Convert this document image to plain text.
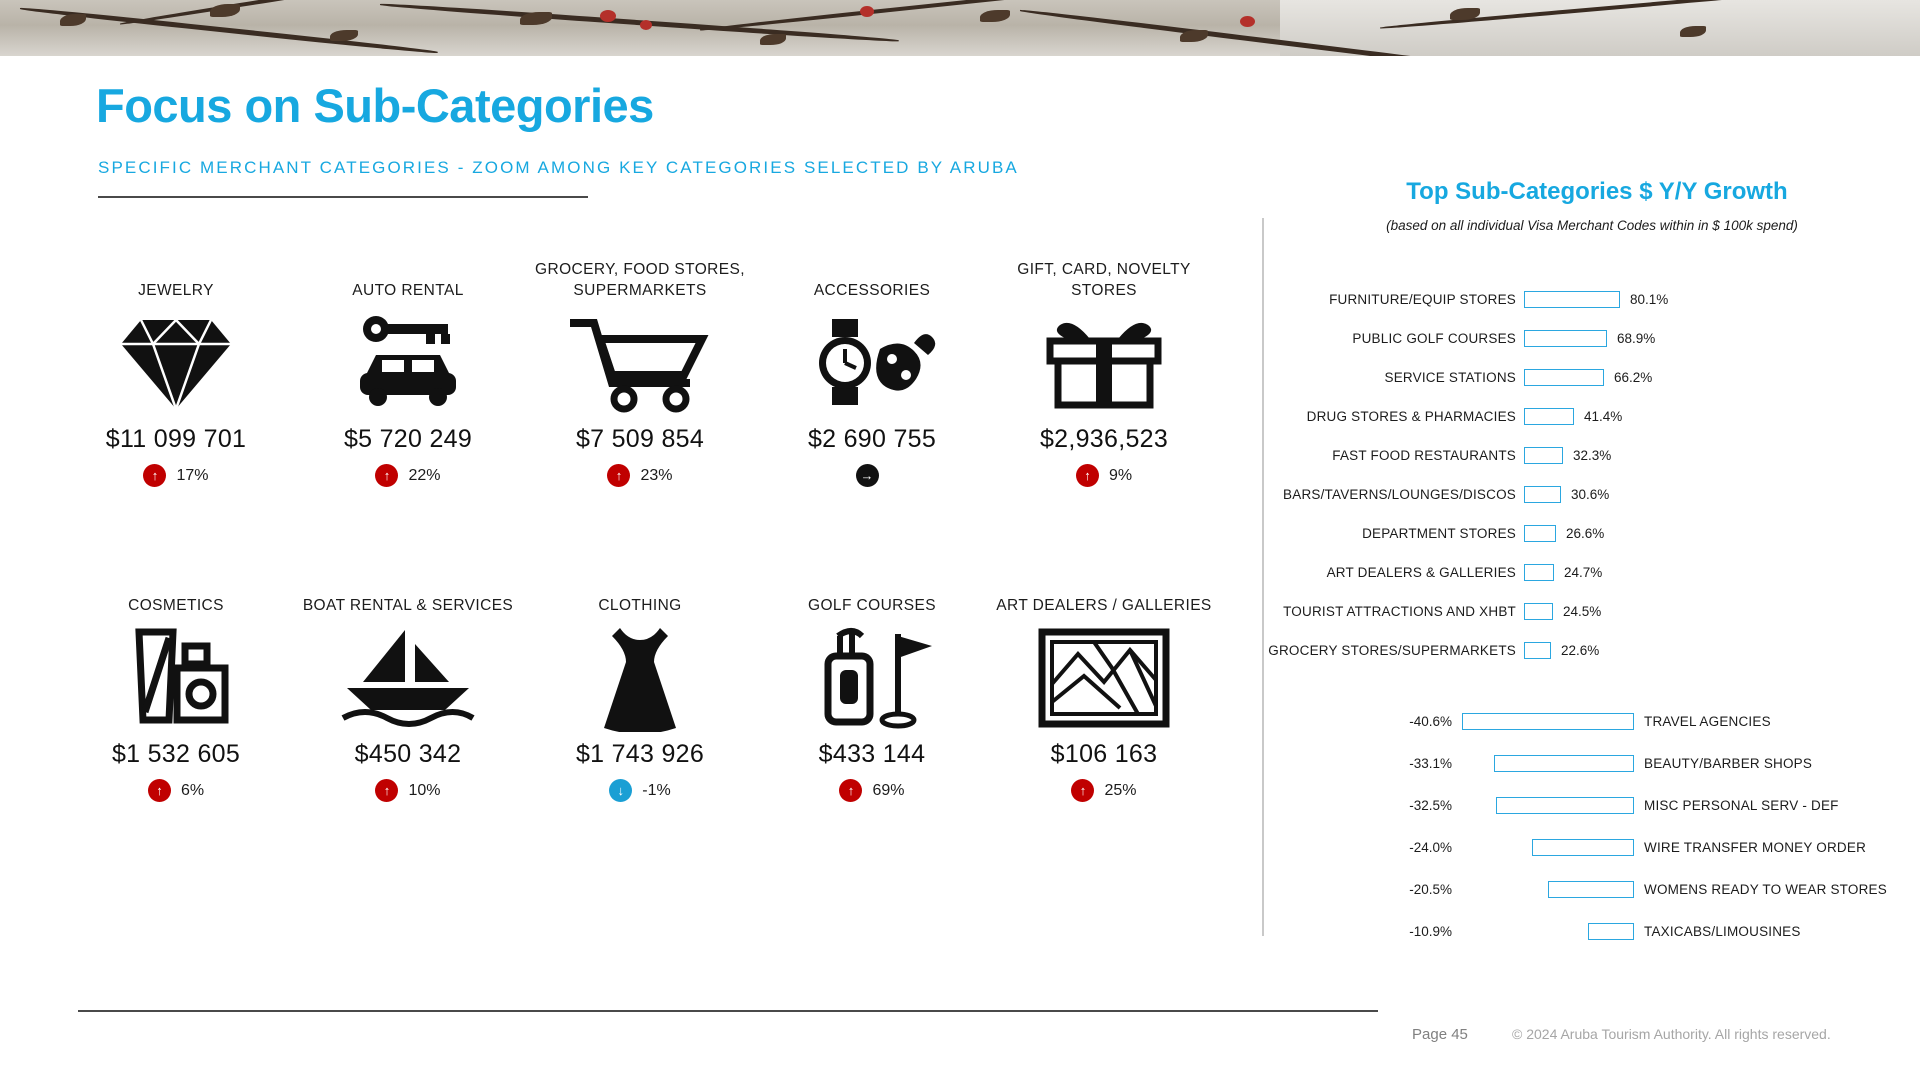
Focus on Sub-Categories
SPECIFIC MERCHANT CATEGORIES - ZOOM AMONG KEY CATEGORIES SELECTED BY ARUBA
JEWELRY
$11 099 701
↑	17%
AUTO RENTAL
$5 720 249
↑	22%
GROCERY, FOOD STORES, SUPERMARKETS
$7 509 854
↑	23%
ACCESSORIES
$2 690 755
→
GIFT, CARD, NOVELTY STORES
$2,936,523
↑	9%
COSMETICS
$1 532 605
↑	6%
BOAT RENTAL & SERVICES
$450 342
↑	10%
CLOTHING
$1 743 926
↓	-1%
GOLF COURSES
$433 144
↑	69%
ART DEALERS / GALLERIES
$106 163
↑	25%
Top Sub-Categories $ Y/Y Growth
(based on all individual Visa Merchant Codes within in $ 100k spend)
FURNITURE/EQUIP STORES	80.1%
PUBLIC GOLF COURSES	68.9%
SERVICE STATIONS	66.2%
DRUG STORES & PHARMACIES	41.4%
FAST FOOD RESTAURANTS	32.3%
BARS/TAVERNS/LOUNGES/DISCOS	30.6%
DEPARTMENT STORES	26.6%
ART DEALERS & GALLERIES	24.7%
TOURIST ATTRACTIONS AND XHBT	24.5%
GROCERY STORES/SUPERMARKETS	22.6%
-40.6%	TRAVEL AGENCIES
-33.1%	BEAUTY/BARBER SHOPS
-32.5%	MISC PERSONAL SERV - DEF
-24.0%	WIRE TRANSFER MONEY ORDER
-20.5%	WOMENS READY TO WEAR STORES
-10.9%	TAXICABS/LIMOUSINES
Page 45	© 2024 Aruba Tourism Authority. All rights reserved.
